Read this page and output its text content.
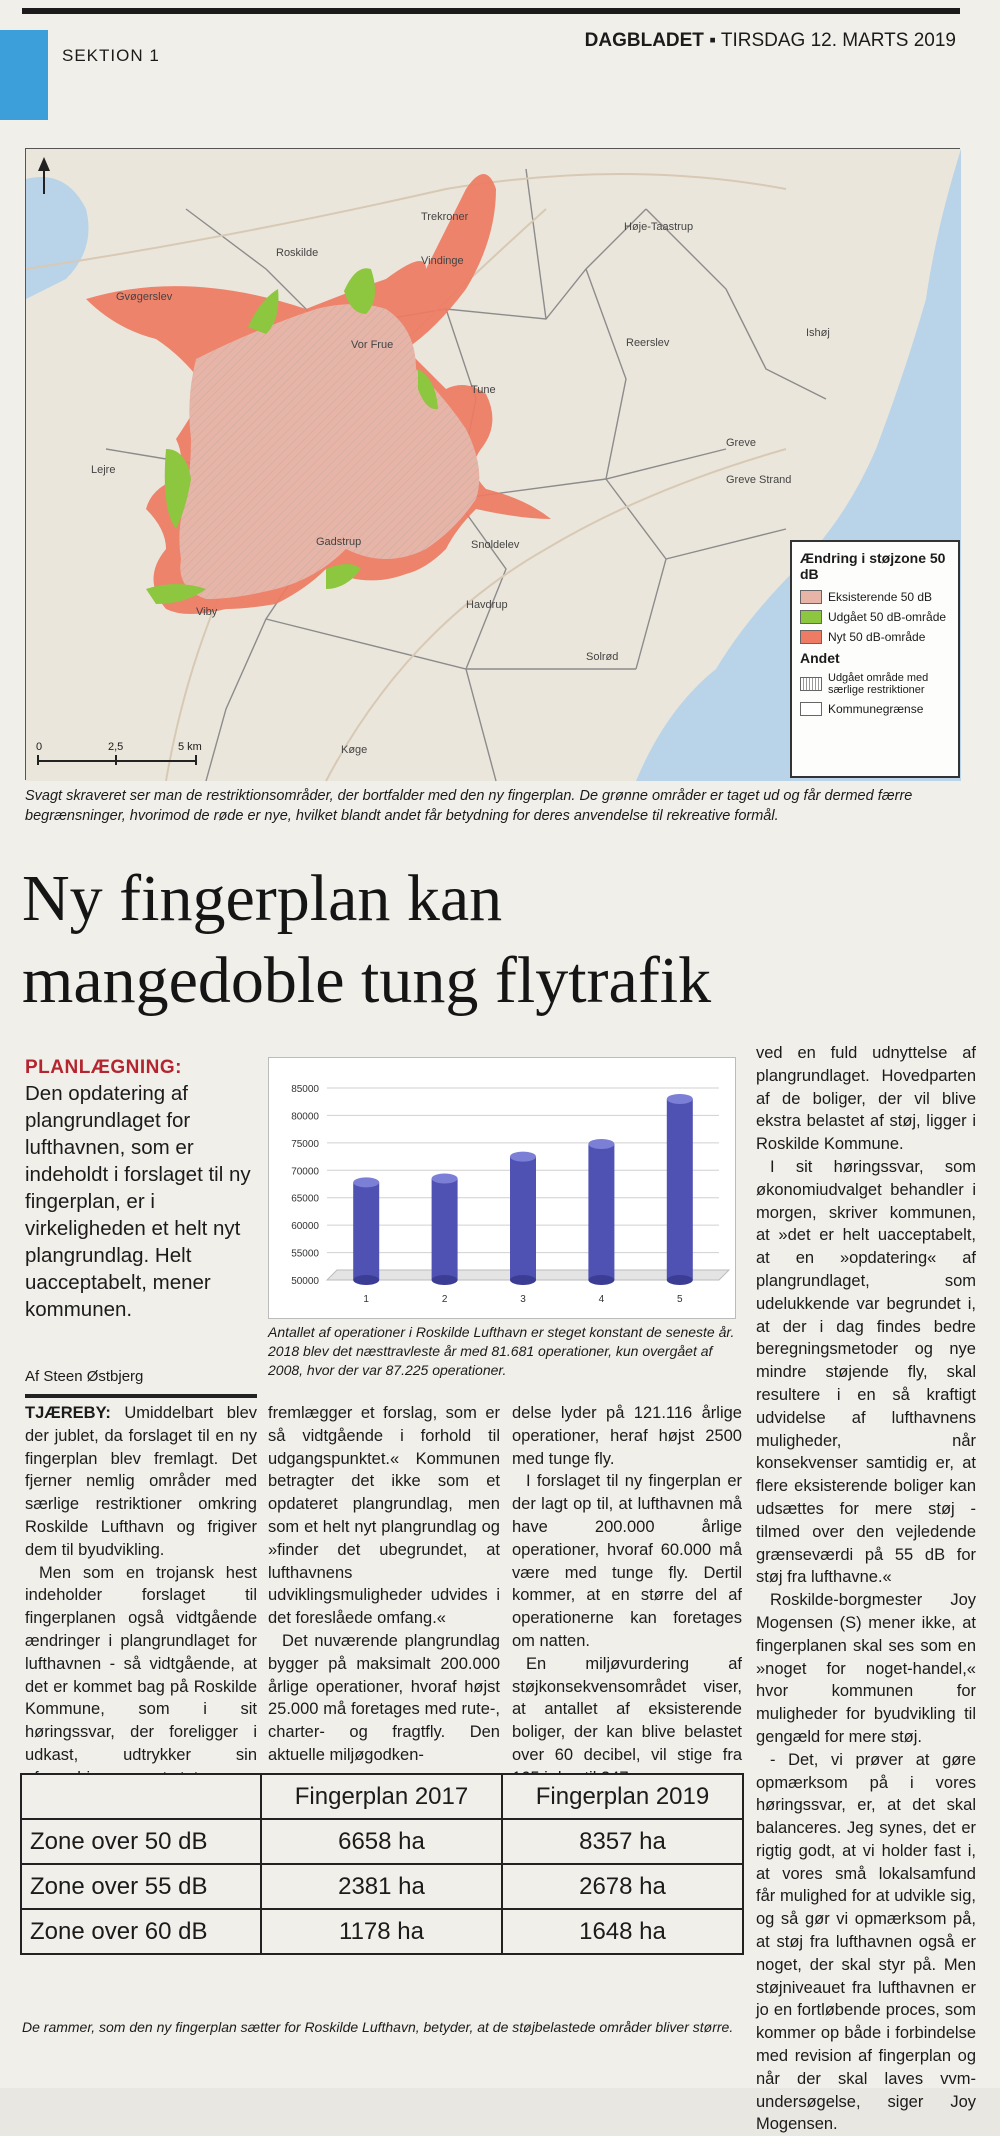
SEKTION 1
DAGBLADET ▪ TIRSDAG 12. MARTS 2019
Trekroner
Høje-Taastrup
Roskilde
Gvøgerslev
Vindinge
Reerslev
Ishøj
Vor Frue
Tune
Greve
Lejre
Greve Strand
Gadstrup	Snoldelev
Havdrup
Viby
Solrød
Køge
0	2,5	5 km
Ændring i støjzone 50 dB
Eksisterende 50 dB
Udgået 50 dB-område
Nyt 50 dB-område
Andet
Udgået område med særlige restriktioner
Kommunegrænse
Svagt skraveret ser man de restriktionsområder, der bortfalder med den ny fingerplan. De grønne områder er taget ud og får dermed færre begrænsninger, hvorimod de røde er nye, hvilket blandt andet får betydning for deres anvendelse til rekreative formål.
Ny fingerplan kan
mangedoble tung flytrafik
PLANLÆGNING:
Den opdatering af plangrundlaget for lufthavnen, som er indeholdt i forslaget til ny fingerplan, er i virkeligheden et helt nyt plangrundlag. Helt uacceptabelt, mener kommunen.
Af Steen Østbjerg
50000
55000
60000
65000
70000
75000
80000
85000
1	2	3	4	5
Antallet af operationer i Roskilde Lufthavn er steget konstant de seneste år. 2018 blev det næsttravleste år med 81.681 operationer, kun overgået af 2008, hvor der var 87.225 operationer.

TJÆREBY: Umiddelbart blev der jublet, da forslaget til en ny fingerplan blev fremlagt. Det fjerner nemlig områder med særlige restriktioner omkring Roskilde Lufthavn og frigiver dem til byudvikling.

Men som en trojansk hest indeholder forslaget til fingerplanen også vidtgående ændringer i plangrundlaget for lufthavnen - så vidtgående, at det er kommet bag på Roskilde Kommune, som i sit høringssvar, der foreligger i udkast, udtrykker sin

fremlægger et forslag, som er så vidtgående i forhold til udgangspunktet.« Kommunen betragter det ikke som et opdateret plangrundlag, men som et helt nyt plangrundlag og »finder det ubegrundet, at lufthavnens udviklingsmuligheder udvides i det foreslåede omfang.«

Det nuværende plangrundlag bygger på maksimalt 200.000 årlige operationer, hvoraf højst 25.000 må foretages med rute-, charter- og fragtfly. Den aktuelle miljøgodken-

delse lyder på 121.116 årlige operationer, heraf højst 2500 med tunge fly.

I forslaget til ny fingerplan er der lagt op til, at lufthavnen må have 200.000 årlige operationer, hvoraf 60.000 må være med tunge fly. Dertil kommer, at en større del af operationerne kan foretages om natten.

En miljøvurdering af støjkonsekvensområdet viser, at antallet af eksisterende boliger, der kan blive belastet over 60 decibel, vil stige fra

ved en fuld udnyttelse af plangrundlaget. Hovedparten af de boliger, der vil blive ekstra belastet af støj, ligger i Roskilde Kommune.

I sit høringssvar, som økonomiudvalget behandler i morgen, skriver kommunen, at »det er helt uacceptabelt, at en »opdatering« af plangrundlaget, som udelukkende var begrundet i, at der i dag findes bedre beregningsmetoder og nye mindre støjende fly, skal resultere i en så kraftigt udvidelse af lufthavnens muligheder, når konsekvenser samtidig er, at flere eksisterende boliger kan udsættes for mere støj - tilmed over den vejledende grænseværdi på 55 dB for støj fra lufthavne.«

Roskilde-borgmester Joy Mogensen (S) mener ikke, at fingerplanen skal ses som en »noget for noget-handel,« hvor kommunen for muligheder for byudvikling til gengæld for mere støj.

- Det, vi prøver at gøre opmærksom på i vores høringssvar, er, at det skal balanceres. Jeg synes, det er rigtig godt, at vi holder fast i, at vores små lokalsamfund får mulighed for at udvikle sig, og så gør vi opmærksom på, at støj fra lufthavnen også er noget, der skal styr på. Men støjniveauet fra lufthavnen er jo en fortløbende proces, som kommer op både i forbindelse med revision af fingerplan og når der skal laves vvm-undersøgelse, siger Joy Mogensen.

	Fingerplan 2017	Fingerplan 2019
Zone over 50 dB	6658 ha	8357 ha
Zone over 55 dB	2381 ha	2678 ha
Zone over 60 dB	1178 ha	1648 ha
De rammer, som den ny fingerplan sætter for Roskilde Lufthavn, betyder, at de støjbelastede områder bliver større.
